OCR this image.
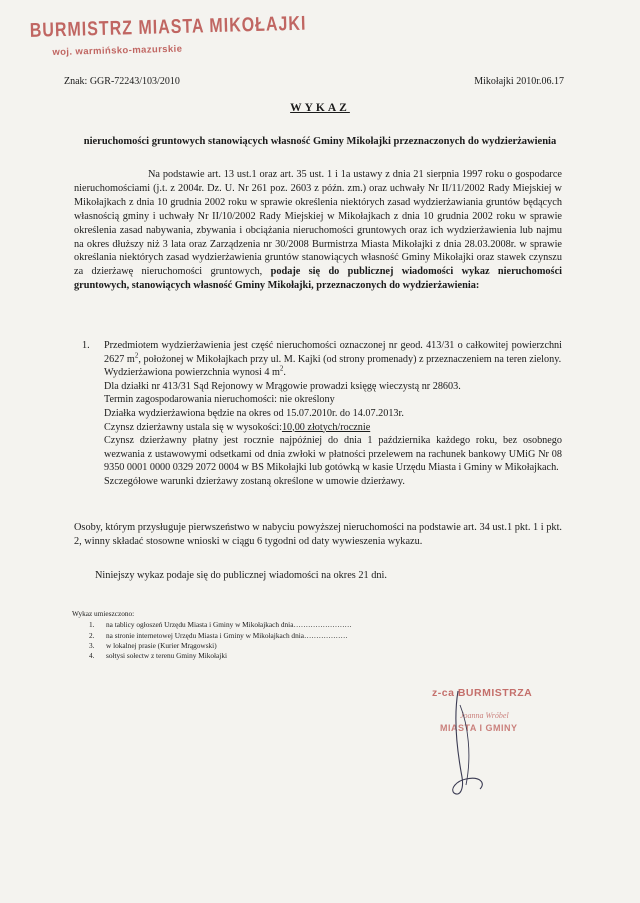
BURMISTRZ MIASTA MIKOŁAJKI
woj. warmińsko-mazurskie
Znak: GGR-72243/103/2010	Mikołajki 2010r.06.17
WYKAZ
nieruchomości gruntowych stanowiących własność Gminy Mikołajki przeznaczonych do wydzierżawienia
Na podstawie art. 13 ust.1 oraz art. 35 ust. 1 i 1a ustawy z dnia 21 sierpnia 1997 roku o gospodarce nieruchomościami (j.t. z 2004r. Dz. U. Nr 261 poz. 2603 z późn. zm.) oraz uchwały Nr II/11/2002 Rady Miejskiej w Mikołajkach z dnia 10 grudnia 2002 roku w sprawie określenia niektórych zasad wydzierżawiania gruntów będących własnością gminy i uchwały Nr II/10/2002 Rady Miejskiej w Mikołajkach z dnia 10 grudnia 2002 roku w sprawie określenia zasad nabywania, zbywania i obciążania nieruchomości gruntowych oraz ich wydzierżawienia lub najmu na okres dłuższy niż 3 lata oraz Zarządzenia nr 30/2008 Burmistrza Miasta Mikołajki z dnia 28.03.2008r. w sprawie określania niektórych zasad wydzierżawienia gruntów stanowiących własność Gminy Mikołajki oraz stawek czynszu za dzierżawę nieruchomości gruntowych, podaje się do publicznej wiadomości wykaz nieruchomości gruntowych, stanowiących własność Gminy Mikołajki, przeznaczonych do wydzierżawienia:
1. Przedmiotem wydzierżawienia jest część nieruchomości oznaczonej nr geod. 413/31 o całkowitej powierzchni 2627 $m^2$, położonej w Mikołajkach przy ul. M. Kajki (od strony promenady) z przeznaczeniem na teren zielony.

Wydzierżawiona powierzchnia wynosi 4 $m^2$.

Dla działki nr 413/31 Sąd Rejonowy w Mrągowie prowadzi księgę wieczystą nr 28603.

Termin zagospodarowania nieruchomości: nie określony

Działka wydzierżawiona będzie na okres od 15.07.2010r. do 14.07.2013r.

Czynsz dzierżawny ustala się w wysokości:10,00 złotych/rocznie

Czynsz dzierżawny płatny jest rocznie najpóźniej do dnia 1 października każdego roku, bez osobnego wezwania z ustawowymi odsetkami od dnia zwłoki w płatności przelewem na rachunek bankowy UMiG Nr 08 9350 0001 0000 0329 2072 0004 w BS Mikołajki lub gotówką w kasie Urzędu Miasta i Gminy w Mikołajkach.

Szczegółowe warunki dzierżawy zostaną określone w umowie dzierżawy.

Osoby, którym przysługuje pierwszeństwo w nabyciu powyższej nieruchomości na podstawie art. 34 ust.1 pkt. 1 i pkt. 2, winny składać stosowne wnioski w ciągu 6 tygodni od daty wywieszenia wykazu.
Niniejszy wykaz podaje się do publicznej wiadomości na okres 21 dni.
Wykaz umieszczono:
1. na tablicy ogłoszeń Urzędu Miasta i Gminy w Mikołajkach dnia……………………
2. na stronie internetowej Urzędu Miasta i Gminy w Mikołajkach dnia………………
3. w lokalnej prasie (Kurier Mrągowski)
4. sołtysi sołectw z terenu Gminy Mikołajki
z-ca BURMISTRZA
Joanna Wróbel
MIASTA I GMINY
